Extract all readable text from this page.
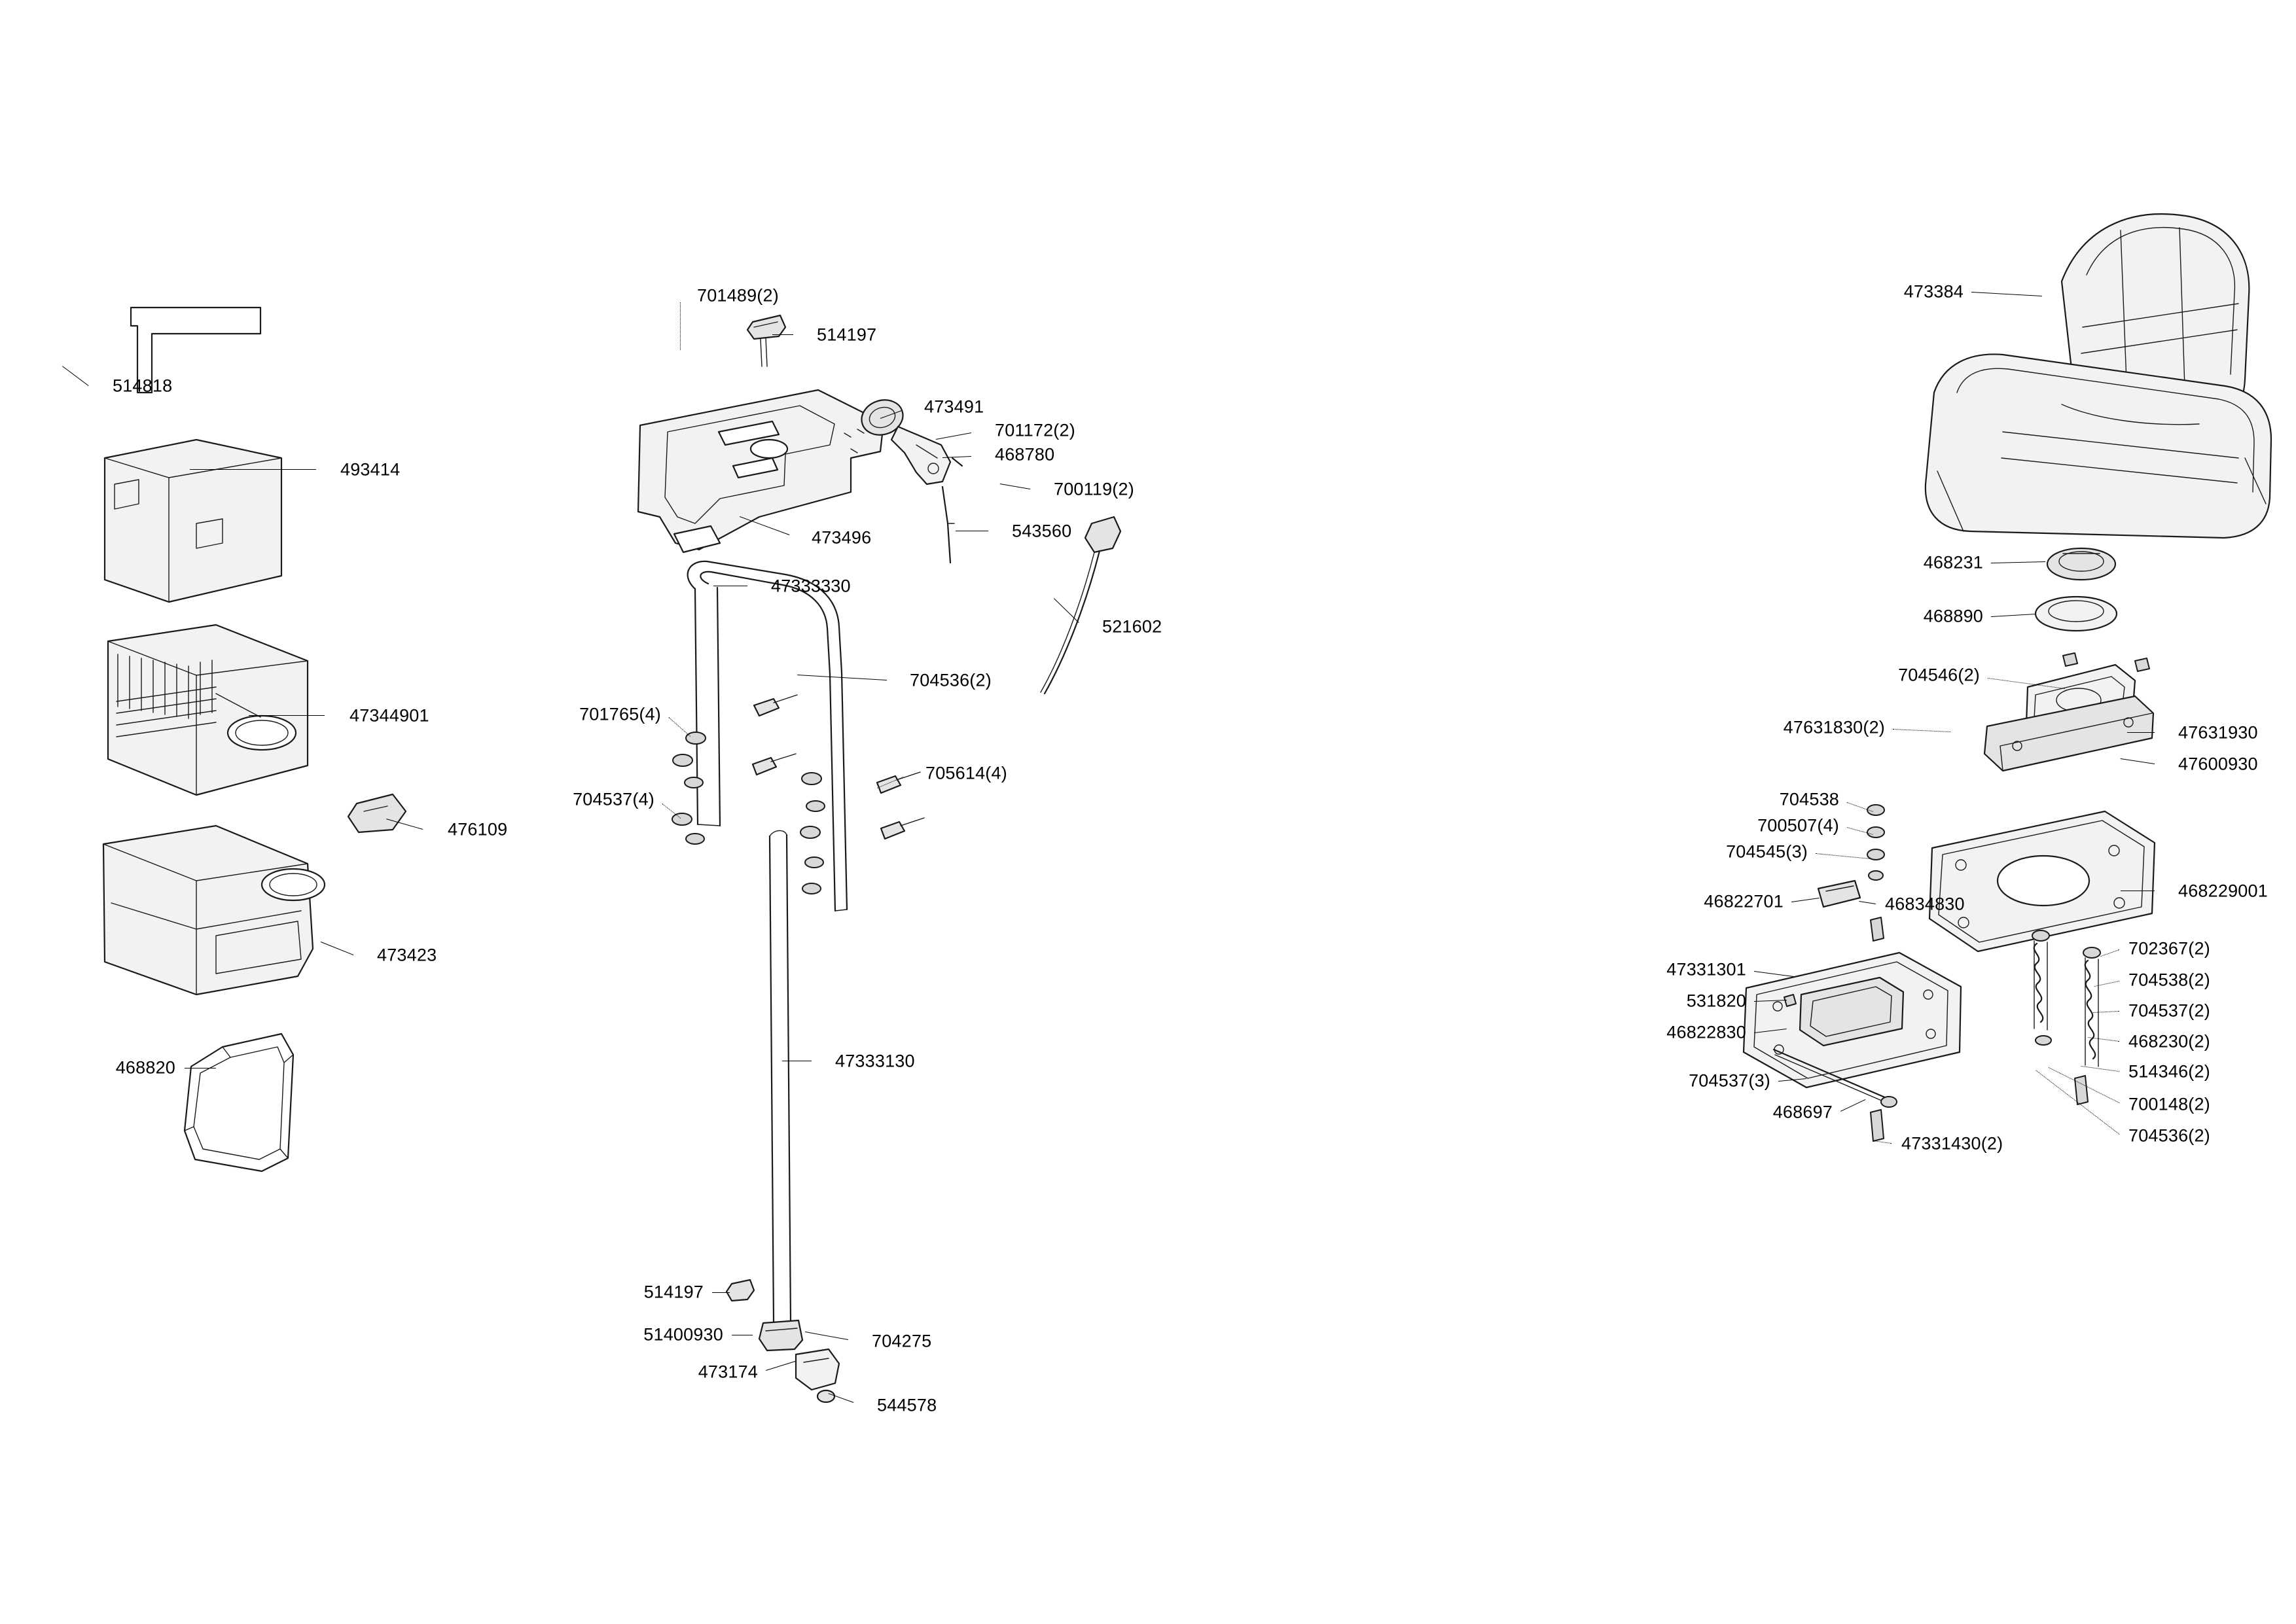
514818
493414
47344901
476109
473423
468820
701489(2)
514197
473491
701172(2)
468780
700119(2)
543560
473496
521602
47333330
704536(2)
701765(4)
705614(4)
704537(4)
47333130
514197
51400930	704275
473174
544578
473384
468231
468890
704546(2)
47631830(2)	47631930
47600930
704538
700507(4)
704545(3)
46822701	46834830
468229001
47331301
531820
46822830
704537(3)
468697
47331430(2)
702367(2)
704538(2)
704537(2)
468230(2)
514346(2)
700148(2)
704536(2)
